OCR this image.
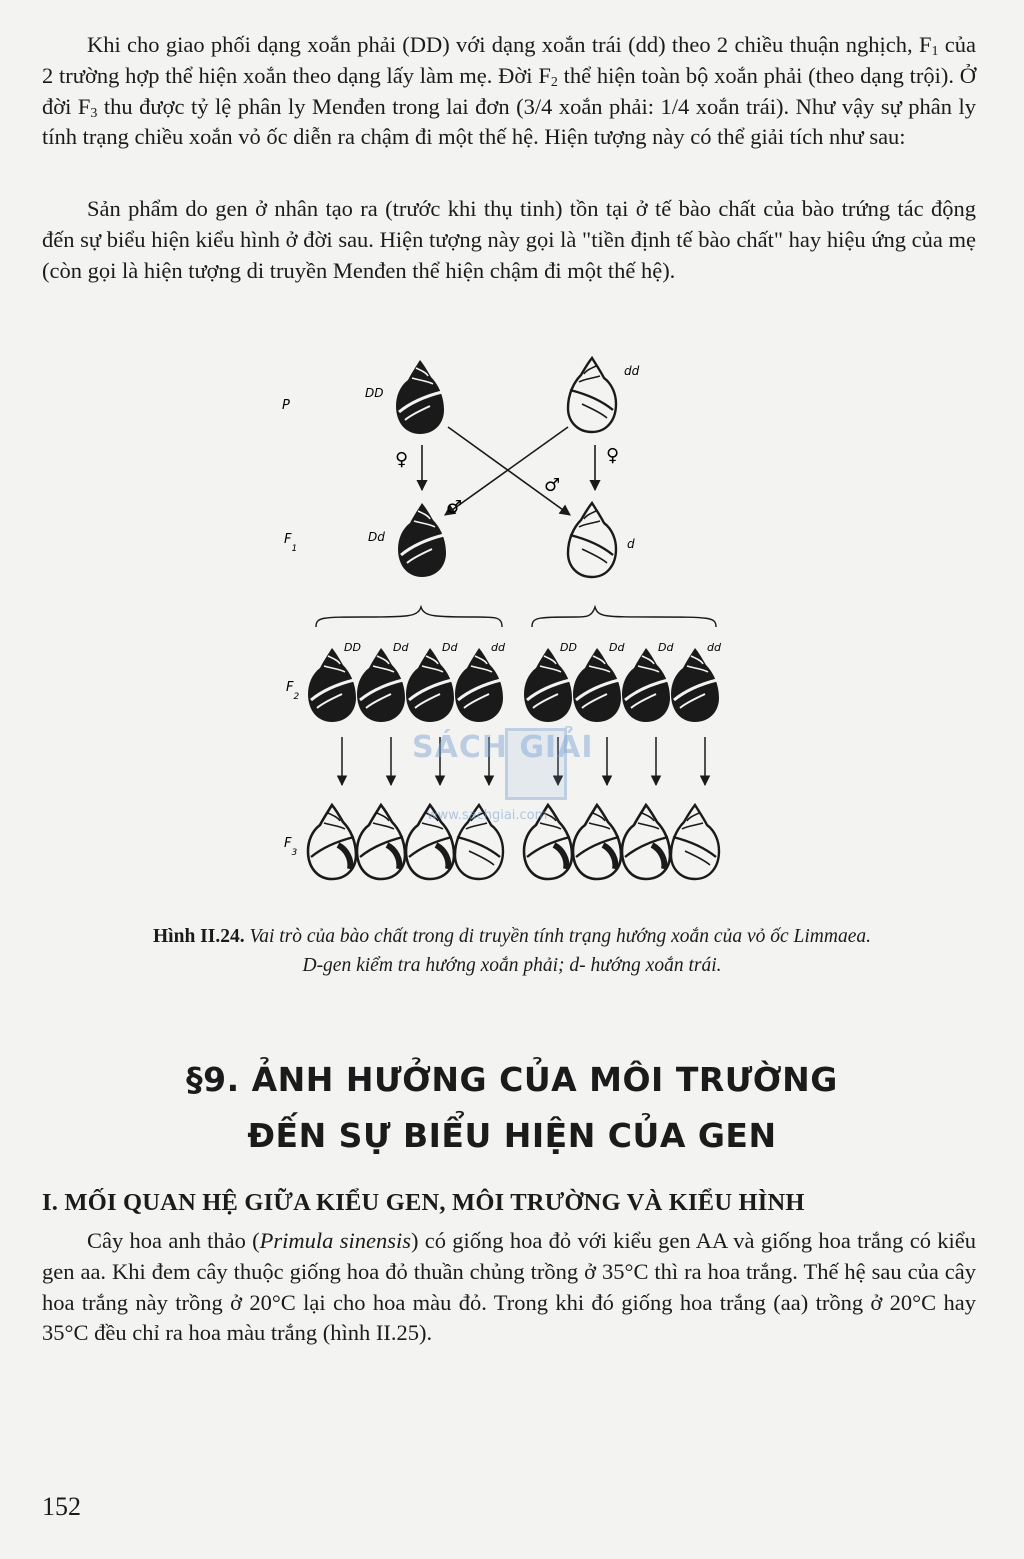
Khi cho giao phối dạng xoắn phải (DD) với dạng xoắn trái (dd) theo 2 chiều thuận nghịch, $F_1$ của 2 trường hợp thể hiện xoắn theo dạng lấy làm mẹ. Đời $F_2$ thể hiện toàn bộ xoắn phải (theo dạng trội). Ở đời $F_3$ thu được tỷ lệ phân ly Menđen trong lai đơn (3/4 xoắn phải: 1/4 xoắn trái). Như vậy sự phân ly tính trạng chiều xoắn vỏ ốc diễn ra chậm đi một thế hệ. Hiện tượng này có thể giải tích như sau:

Sản phẩm do gen ở nhân tạo ra (trước khi thụ tinh) tồn tại ở tế bào chất của bào trứng tác động đến sự biểu hiện kiểu hình ở đời sau. Hiện tượng này gọi là "tiền định tế bào chất" hay hiệu ứng của mẹ (còn gọi là hiện tượng di truyền Menđen thể hiện chậm đi một thế hệ).

P
$F_1$
$F_2$
$F_3$
DD
dd
♀	♀
♂
♂
Dd	d
DD	Dd	Dd	dd	DD	Dd	Dd	dd
SÁCH GIẢI
www.sachgiai.com
Hình II.24. Vai trò của bào chất trong di truyền tính trạng hướng xoắn của vỏ ốc Limmaea.
D-gen kiểm tra hướng xoắn phải; d- hướng xoắn trái.
§9. ẢNH HƯỞNG CỦA MÔI TRƯỜNG
ĐẾN SỰ BIỂU HIỆN CỦA GEN
I. MỐI QUAN HỆ GIỮA KIỂU GEN, MÔI TRƯỜNG VÀ KIỂU HÌNH

Cây hoa anh thảo (Primula sinensis) có giống hoa đỏ với kiểu gen AA và giống hoa trắng có kiểu gen aa. Khi đem cây thuộc giống hoa đỏ thuần chủng trồng ở 35°C thì ra hoa trắng. Thế hệ sau của cây hoa trắng này trồng ở 20°C lại cho hoa màu đỏ. Trong khi đó giống hoa trắng (aa) trồng ở 20°C hay 35°C đều chỉ ra hoa màu trắng (hình II.25).

152
